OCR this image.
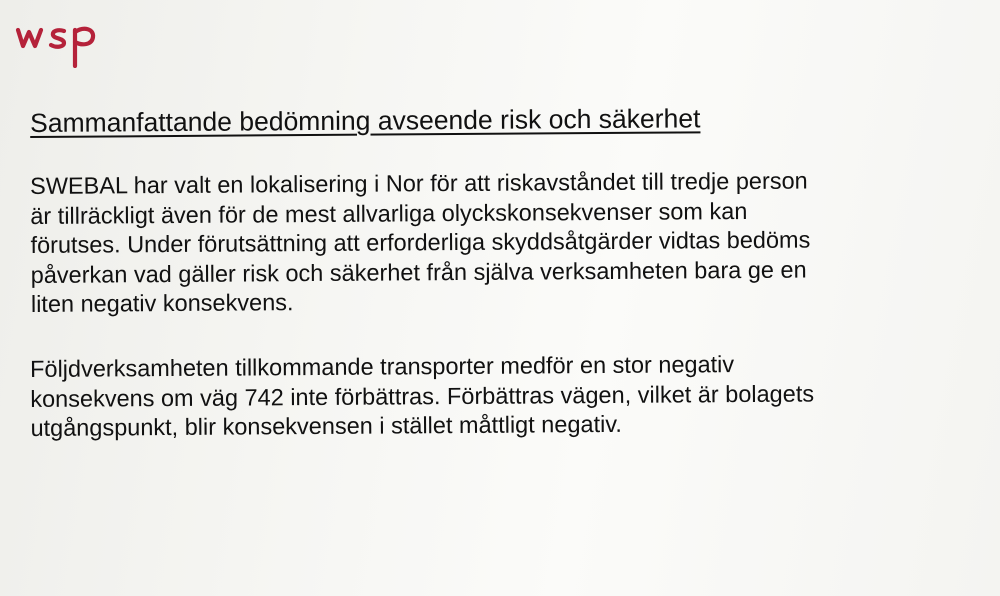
Sammanfattande bedömning avseende risk och säkerhet

SWEBAL har valt en lokalisering i Nor för att riskavståndet till tredje person
är tillräckligt även för de mest allvarliga olyckskonsekvenser som kan
förutses. Under förutsättning att erforderliga skyddsåtgärder vidtas bedöms
påverkan vad gäller risk och säkerhet från själva verksamheten bara ge en
liten negativ konsekvens.

Följdverksamheten tillkommande transporter medför en stor negativ
konsekvens om väg 742 inte förbättras. Förbättras vägen, vilket är bolagets
utgångspunkt, blir konsekvensen i stället måttligt negativ.
